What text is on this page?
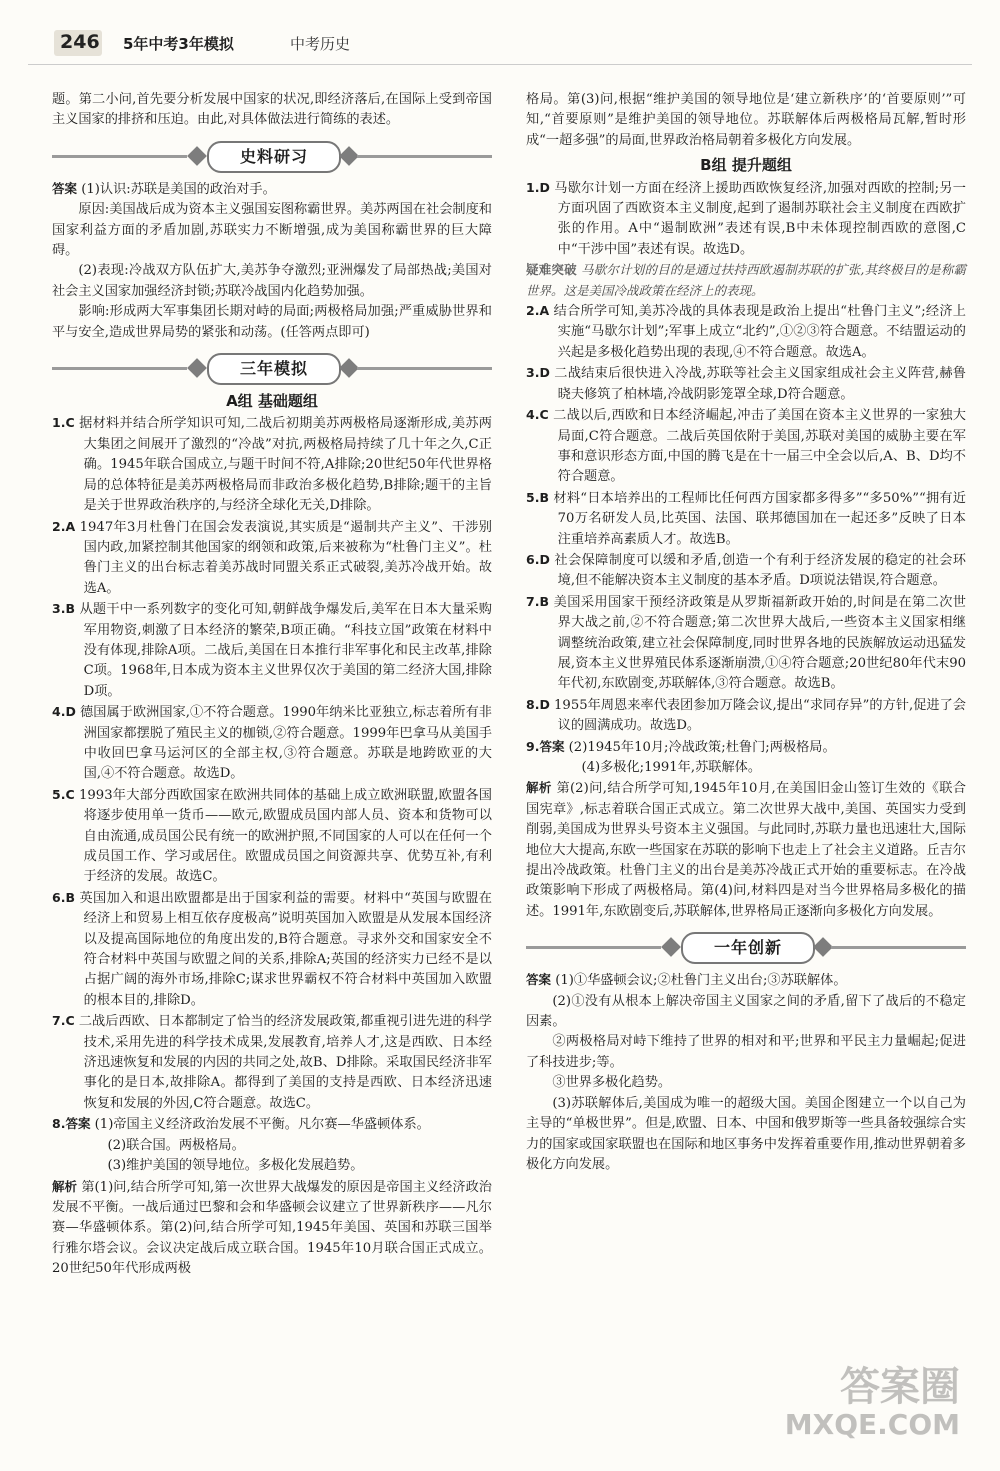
246 5年中考3年模拟	中考历史

题。第二小问,首先要分析发展中国家的状况,即经济落后,在国际上受到帝国主义国家的排挤和压迫。由此,对具体做法进行简练的表述。

史料研习

答案 (1)认识:苏联是美国的政治对手。

原因:美国战后成为资本主义强国妄图称霸世界。美苏两国在社会制度和国家利益方面的矛盾加剧,苏联实力不断增强,成为美国称霸世界的巨大障碍。

(2)表现:冷战双方队伍扩大,美苏争夺激烈;亚洲爆发了局部热战;美国对社会主义国家加强经济封锁;苏联冷战国内化趋势加强。

影响:形成两大军事集团长期对峙的局面;两极格局加强;严重威胁世界和平与安全,造成世界局势的紧张和动荡。(任答两点即可)

三年模拟
A组 基础题组

1.C 据材料并结合所学知识可知,二战后初期美苏两极格局逐渐形成,美苏两大集团之间展开了激烈的“冷战”对抗,两极格局持续了几十年之久,C正确。1945年联合国成立,与题干时间不符,A排除;20世纪50年代世界格局的总体特征是美苏两极格局而非政治多极化趋势,B排除;题干的主旨是关于世界政治秩序的,与经济全球化无关,D排除。

2.A 1947年3月杜鲁门在国会发表演说,其实质是“遏制共产主义”、干涉别国内政,加紧控制其他国家的纲领和政策,后来被称为“杜鲁门主义”。杜鲁门主义的出台标志着美苏战时同盟关系正式破裂,美苏冷战开始。故选A。

3.B 从题干中一系列数字的变化可知,朝鲜战争爆发后,美军在日本大量采购军用物资,刺激了日本经济的繁荣,B项正确。“科技立国”政策在材料中没有体现,排除A项。二战后,美国在日本推行非军事化和民主改革,排除C项。1968年,日本成为资本主义世界仅次于美国的第二经济大国,排除D项。

4.D 德国属于欧洲国家,①不符合题意。1990年纳米比亚独立,标志着所有非洲国家都摆脱了殖民主义的枷锁,②符合题意。1999年巴拿马从美国手中收回巴拿马运河区的全部主权,③符合题意。苏联是地跨欧亚的大国,④不符合题意。故选D。

5.C 1993年大部分西欧国家在欧洲共同体的基础上成立欧洲联盟,欧盟各国将逐步使用单一货币——欧元,欧盟成员国内部人员、资本和货物可以自由流通,成员国公民有统一的欧洲护照,不同国家的人可以在任何一个成员国工作、学习或居住。欧盟成员国之间资源共享、优势互补,有利于经济的发展。故选C。

6.B 英国加入和退出欧盟都是出于国家利益的需要。材料中“英国与欧盟在经济上和贸易上相互依存度极高”说明英国加入欧盟是从发展本国经济以及提高国际地位的角度出发的,B符合题意。寻求外交和国家安全不符合材料中英国与欧盟之间的关系,排除A;英国的经济实力已经不是以占据广阔的海外市场,排除C;谋求世界霸权不符合材料中英国加入欧盟的根本目的,排除D。

7.C 二战后西欧、日本都制定了恰当的经济发展政策,都重视引进先进的科学技术,采用先进的科学技术成果,发展教育,培养人才,这是西欧、日本经济迅速恢复和发展的内因的共同之处,故B、D排除。采取国民经济非军事化的是日本,故排除A。都得到了美国的支持是西欧、日本经济迅速恢复和发展的外因,C符合题意。故选C。

8.答案 (1)帝国主义经济政治发展不平衡。凡尔赛—华盛顿体系。

(2)联合国。两极格局。

(3)维护美国的领导地位。多极化发展趋势。

解析 第(1)问,结合所学可知,第一次世界大战爆发的原因是帝国主义经济政治发展不平衡。一战后通过巴黎和会和华盛顿会议建立了世界新秩序——凡尔赛—华盛顿体系。第(2)问,结合所学可知,1945年美国、英国和苏联三国举行雅尔塔会议。会议决定战后成立联合国。1945年10月联合国正式成立。20世纪50年代形成两极

格局。第(3)问,根据“维护美国的领导地位是‘建立新秩序’的‘首要原则’”可知,“首要原则”是维护美国的领导地位。苏联解体后两极格局瓦解,暂时形成“一超多强”的局面,世界政治格局朝着多极化方向发展。

B组 提升题组

1.D 马歇尔计划一方面在经济上援助西欧恢复经济,加强对西欧的控制;另一方面巩固了西欧资本主义制度,起到了遏制苏联社会主义制度在西欧扩张的作用。A中“遏制欧洲”表述有误,B中未体现控制西欧的意图,C中“干涉中国”表述有误。故选D。

疑难突破 马歇尔计划的目的是通过扶持西欧遏制苏联的扩张,其终极目的是称霸世界。这是美国冷战政策在经济上的表现。

2.A 结合所学可知,美苏冷战的具体表现是政治上提出“杜鲁门主义”;经济上实施“马歇尔计划”;军事上成立“北约”,①②③符合题意。不结盟运动的兴起是多极化趋势出现的表现,④不符合题意。故选A。

3.D 二战结束后很快进入冷战,苏联等社会主义国家组成社会主义阵营,赫鲁晓夫修筑了柏林墙,冷战阴影笼罩全球,D符合题意。

4.C 二战以后,西欧和日本经济崛起,冲击了美国在资本主义世界的一家独大局面,C符合题意。二战后英国依附于美国,苏联对美国的威胁主要在军事和意识形态方面,中国的腾飞是在十一届三中全会以后,A、B、D均不符合题意。

5.B 材料“日本培养出的工程师比任何西方国家都多得多”“多50%”“拥有近70万名研发人员,比英国、法国、联邦德国加在一起还多”反映了日本注重培养高素质人才。故选B。

6.D 社会保障制度可以缓和矛盾,创造一个有利于经济发展的稳定的社会环境,但不能解决资本主义制度的基本矛盾。D项说法错误,符合题意。

7.B 美国采用国家干预经济政策是从罗斯福新政开始的,时间是在第二次世界大战之前,②不符合题意;第二次世界大战后,一些资本主义国家相继调整统治政策,建立社会保障制度,同时世界各地的民族解放运动迅猛发展,资本主义世界殖民体系逐渐崩溃,①④符合题意;20世纪80年代末90年代初,东欧剧变,苏联解体,③符合题意。故选B。

8.D 1955年周恩来率代表团参加万隆会议,提出“求同存异”的方针,促进了会议的圆满成功。故选D。

9.答案 (2)1945年10月;冷战政策;杜鲁门;两极格局。

(4)多极化;1991年,苏联解体。

解析 第(2)问,结合所学可知,1945年10月,在美国旧金山签订生效的《联合国宪章》,标志着联合国正式成立。第二次世界大战中,美国、英国实力受到削弱,美国成为世界头号资本主义强国。与此同时,苏联力量也迅速壮大,国际地位大大提高,东欧一些国家在苏联的影响下也走上了社会主义道路。丘吉尔提出冷战政策。杜鲁门主义的出台是美苏冷战正式开始的重要标志。在冷战政策影响下形成了两极格局。第(4)问,材料四是对当今世界格局多极化的描述。1991年,东欧剧变后,苏联解体,世界格局正逐渐向多极化方向发展。

一年创新

答案 (1)①华盛顿会议;②杜鲁门主义出台;③苏联解体。

(2)①没有从根本上解决帝国主义国家之间的矛盾,留下了战后的不稳定因素。

②两极格局对峙下维持了世界的相对和平;世界和平民主力量崛起;促进了科技进步;等。

③世界多极化趋势。

(3)苏联解体后,美国成为唯一的超级大国。美国企图建立一个以自己为主导的“单极世界”。但是,欧盟、日本、中国和俄罗斯等一些具备较强综合实力的国家或国家联盟也在国际和地区事务中发挥着重要作用,推动世界朝着多极化方向发展。

答案圈
MXQE.COM
